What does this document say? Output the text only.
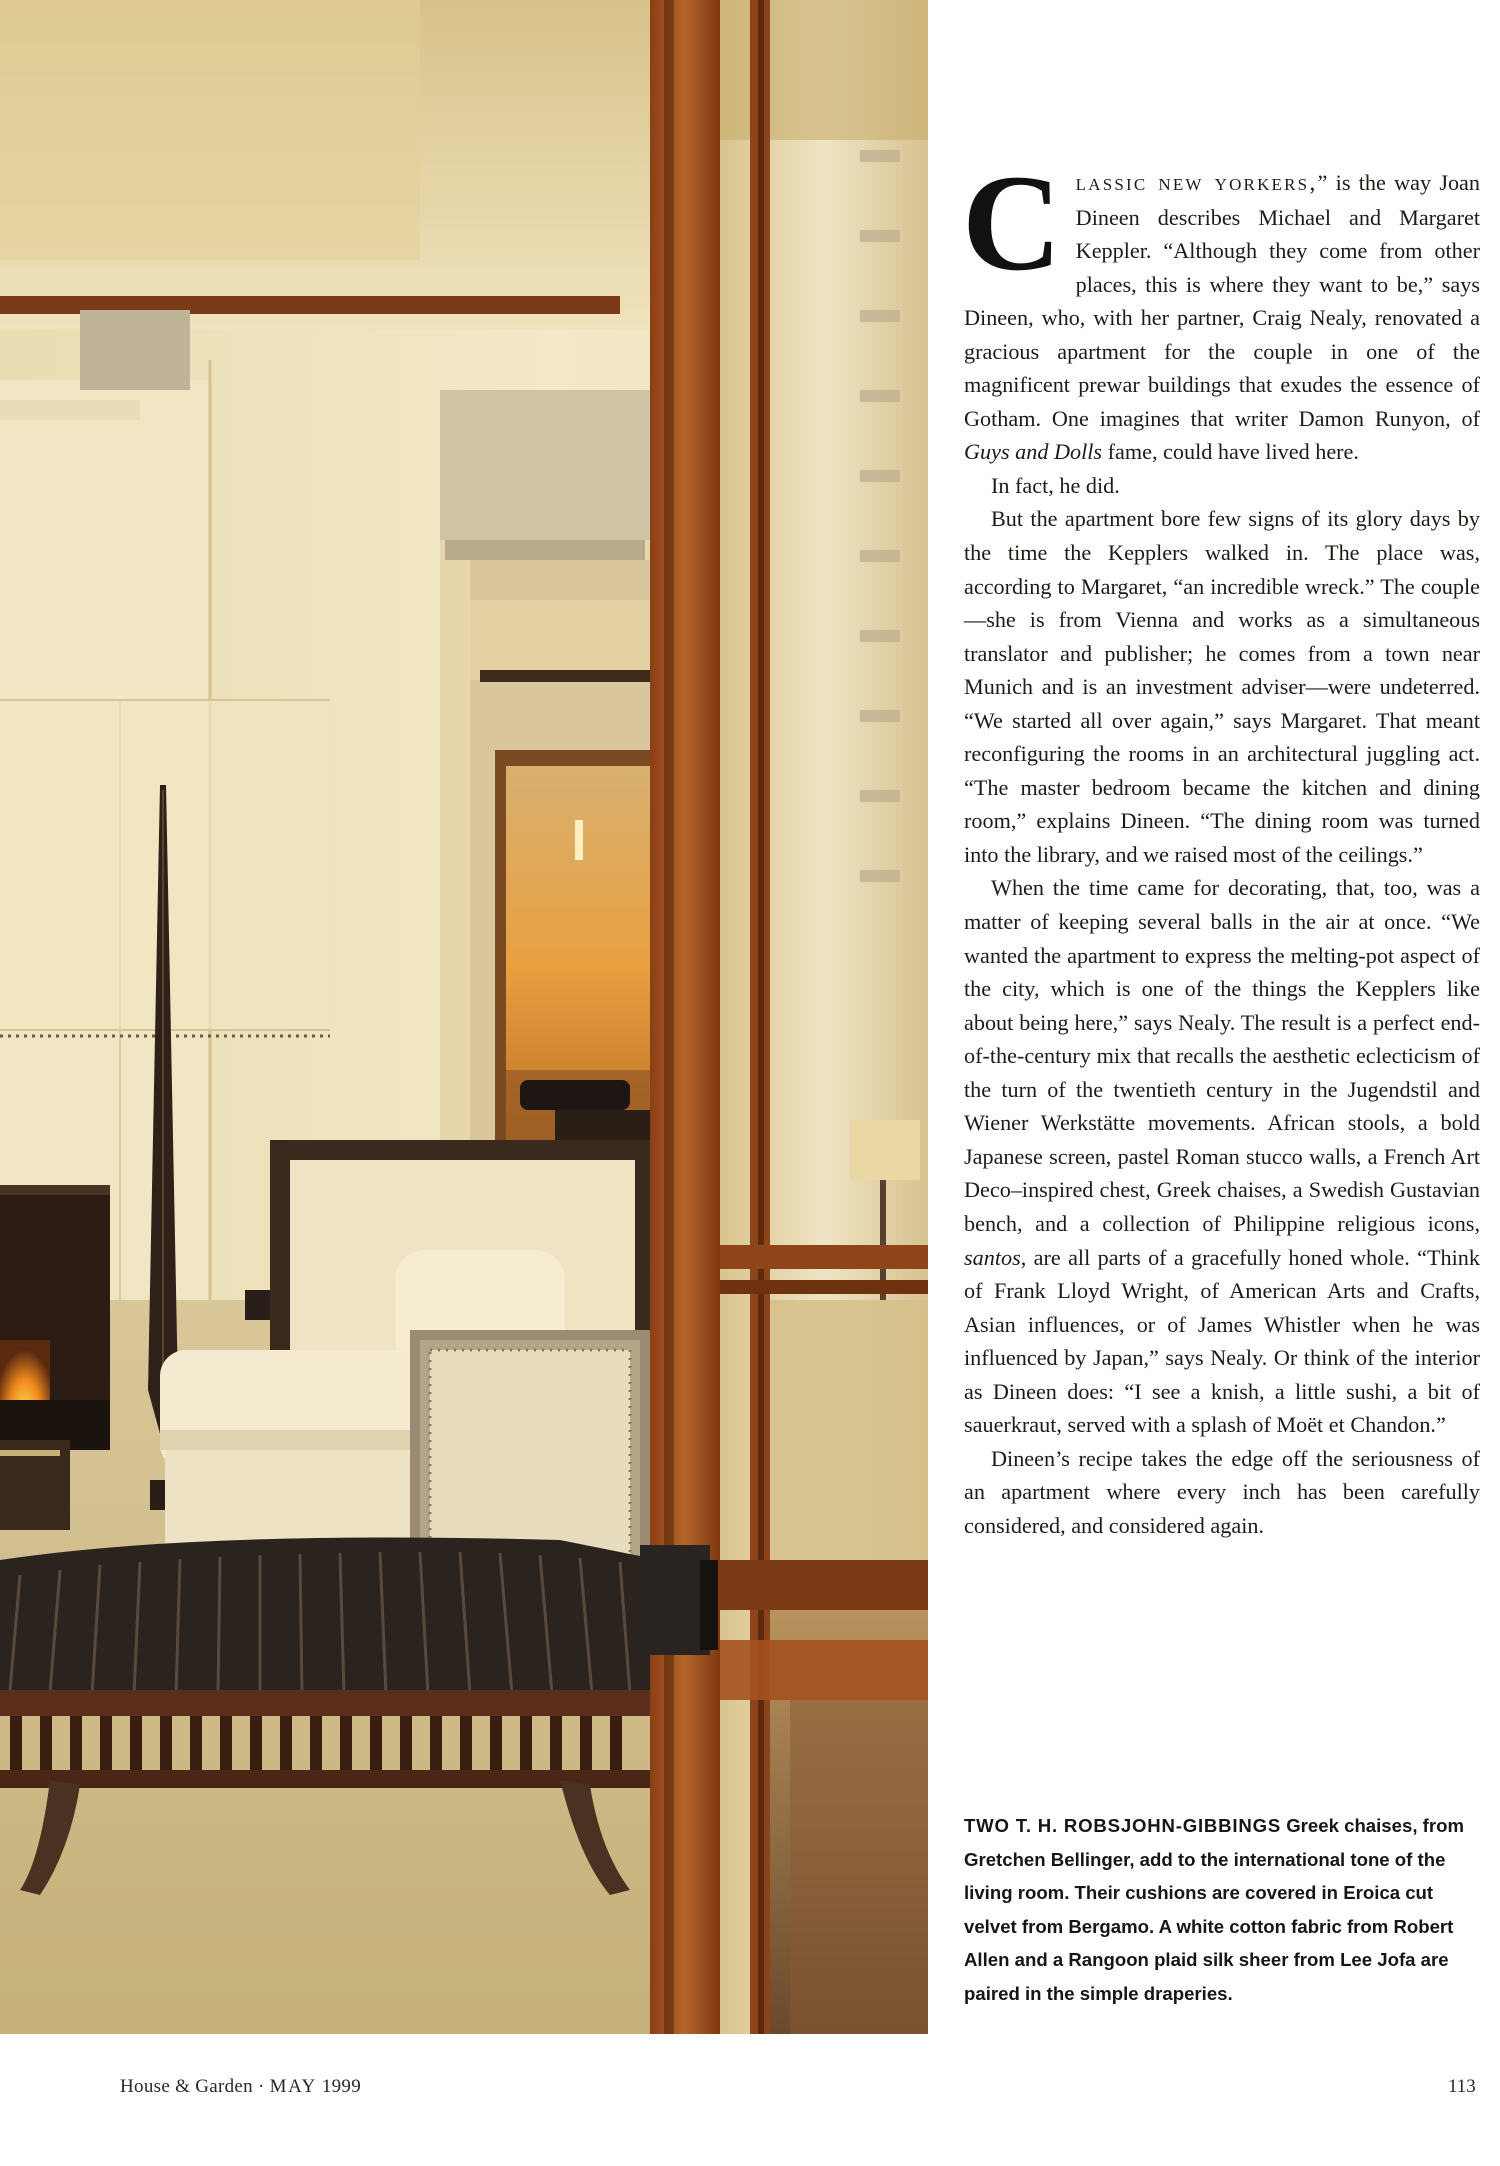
Classic new yorkers,” is the way Joan Dineen describes Michael and Margaret Keppler. “Although they come from other places, this is where they want to be,” says Dineen, who, with her partner, Craig Nealy, renovated a gracious apartment for the couple in one of the magnificent prewar buildings that exudes the essence of Gotham. One imagines that writer Damon Runyon, of Guys and Dolls fame, could have lived here.

In fact, he did.

But the apartment bore few signs of its glory days by the time the Kepplers walked in. The place was, according to Margaret, “an incredible wreck.” The couple—she is from Vienna and works as a simultaneous translator and publisher; he comes from a town near Munich and is an investment adviser—were undeterred. “We started all over again,” says Margaret. That meant reconfiguring the rooms in an architectural juggling act. “The master bedroom became the kitchen and dining room,” explains Dineen. “The dining room was turned into the library, and we raised most of the ceilings.”

When the time came for decorating, that, too, was a matter of keeping several balls in the air at once. “We wanted the apartment to express the melting-pot aspect of the city, which is one of the things the Kepplers like about being here,” says Nealy. The result is a perfect end-of-the-century mix that recalls the aesthetic eclecticism of the turn of the twentieth century in the Jugendstil and Wiener Werkstätte movements. African stools, a bold Japanese screen, pastel Roman stucco walls, a French Art Deco–inspired chest, Greek chaises, a Swedish Gustavian bench, and a collection of Philippine religious icons, santos, are all parts of a gracefully honed whole. “Think of Frank Lloyd Wright, of American Arts and Crafts, Asian influences, or of James Whistler when he was influenced by Japan,” says Nealy. Or think of the interior as Dineen does: “I see a knish, a little sushi, a bit of sauerkraut, served with a splash of Moët et Chandon.”

Dineen’s recipe takes the edge off the seriousness of an apartment where every inch has been carefully considered, and considered again.

TWO T. H. ROBSJOHN-GIBBINGS Greek chaises, from Gretchen Bellinger, add to the international tone of the living room. Their cushions are covered in Eroica cut velvet from Bergamo. A white cotton fabric from Robert Allen and a Rangoon plaid silk sheer from Lee Jofa are paired in the simple draperies.
House & Garden · MAY 1999	113
